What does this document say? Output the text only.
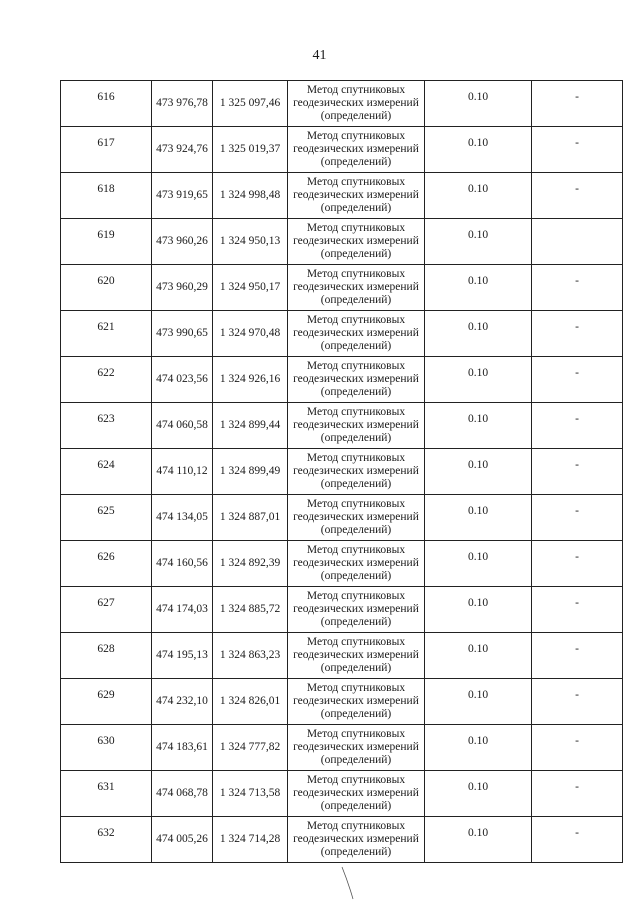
41
616	473 976,78	1 325 097,46	Метод спутниковых
геодезических измерений
(определений)	0.10	-

617	473 924,76	1 325 019,37	Метод спутниковых
геодезических измерений
(определений)	0.10	-

618	473 919,65	1 324 998,48	Метод спутниковых
геодезических измерений
(определений)	0.10	-

619	473 960,26	1 324 950,13	Метод спутниковых
геодезических измерений
(определений)	0.10	

620	473 960,29	1 324 950,17	Метод спутниковых
геодезических измерений
(определений)	0.10	-

621	473 990,65	1 324 970,48	Метод спутниковых
геодезических измерений
(определений)	0.10	-

622	474 023,56	1 324 926,16	Метод спутниковых
геодезических измерений
(определений)	0.10	-

623	474 060,58	1 324 899,44	Метод спутниковых
геодезических измерений
(определений)	0.10	-

624	474 110,12	1 324 899,49	Метод спутниковых
геодезических измерений
(определений)	0.10	-

625	474 134,05	1 324 887,01	Метод спутниковых
геодезических измерений
(определений)	0.10	-

626	474 160,56	1 324 892,39	Метод спутниковых
геодезических измерений
(определений)	0.10	-

627	474 174,03	1 324 885,72	Метод спутниковых
геодезических измерений
(определений)	0.10	-

628	474 195,13	1 324 863,23	Метод спутниковых
геодезических измерений
(определений)	0.10	-

629	474 232,10	1 324 826,01	Метод спутниковых
геодезических измерений
(определений)	0.10	-

630	474 183,61	1 324 777,82	Метод спутниковых
геодезических измерений
(определений)	0.10	-

631	474 068,78	1 324 713,58	Метод спутниковых
геодезических измерений
(определений)	0.10	-

632	474 005,26	1 324 714,28	Метод спутниковых
геодезических измерений
(определений)	0.10	-
